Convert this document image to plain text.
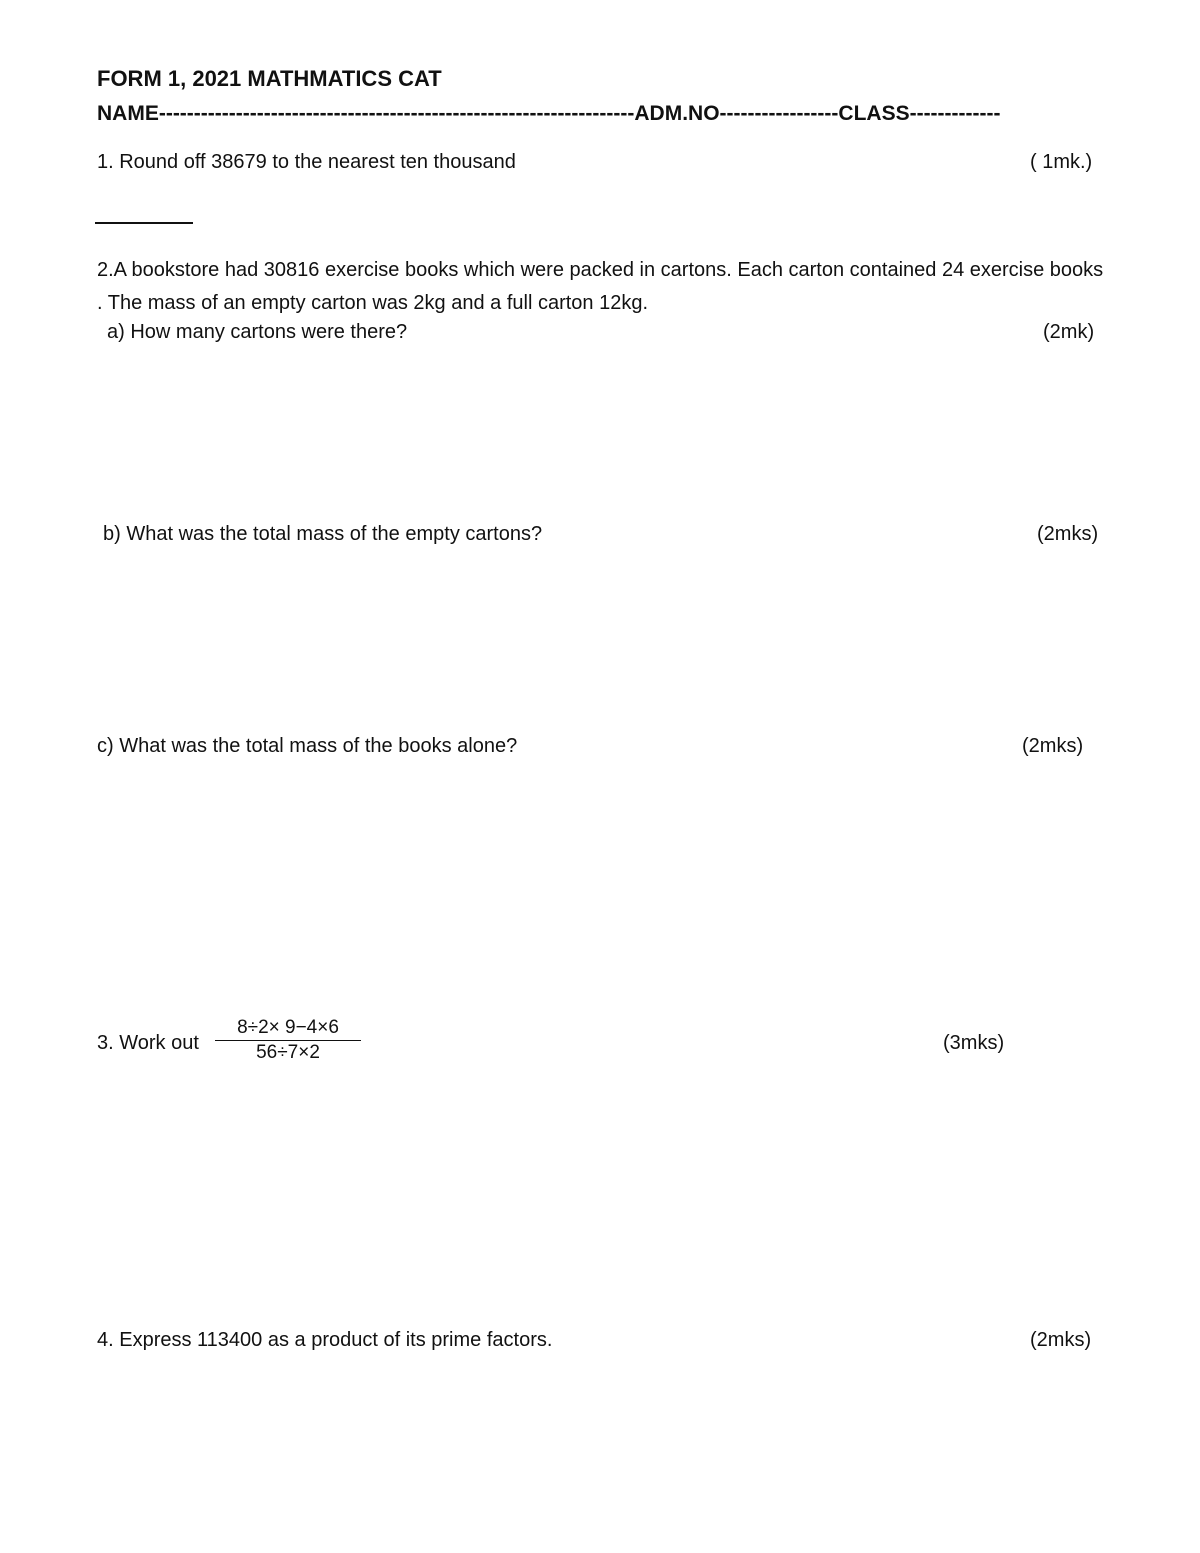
FORM 1, 2021 MATHMATICS CAT
NAME--------------------------------------------------------------------ADM.NO-----------------CLASS-------------
1. Round off 38679 to the nearest ten thousand	( 1mk.)
2.A bookstore had 30816 exercise books which were packed in cartons. Each carton contained 24 exercise books . The mass of an empty carton was 2kg and a full carton 12kg.
a) How many cartons were there?	(2mk)
b) What was the total mass of the empty cartons?	(2mks)
c) What was the total mass of the books alone?	(2mks)
3. Work out
8÷2× 9−4×6
56÷7×2	(3mks)
4. Express 113400 as a product of its prime factors.	(2mks)
